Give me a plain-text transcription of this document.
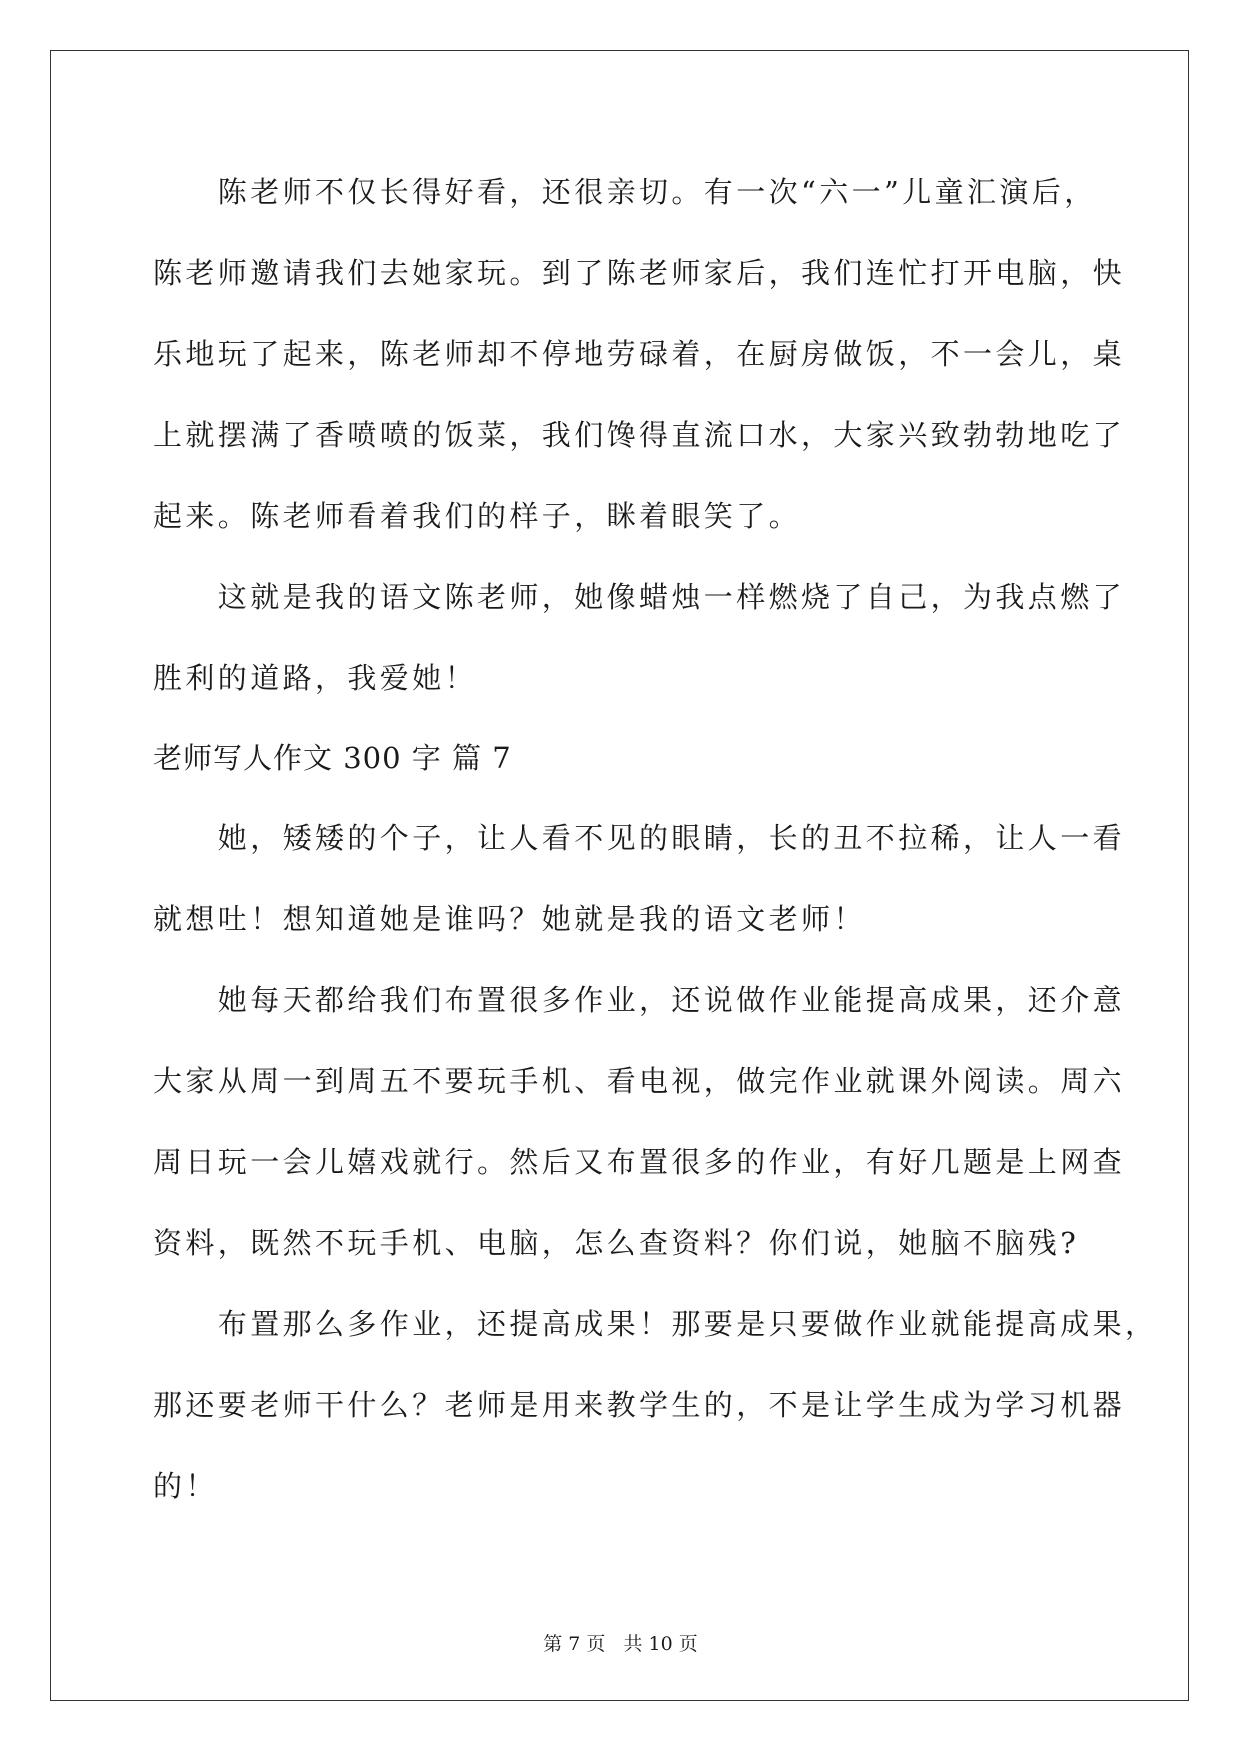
　　陈老师不仅长得好看，还很亲切。有一次“六一”儿童汇演后，
陈老师邀请我们去她家玩。到了陈老师家后，我们连忙打开电脑，快
乐地玩了起来，陈老师却不停地劳碌着，在厨房做饭，不一会儿，桌
上就摆满了香喷喷的饭菜，我们馋得直流口水，大家兴致勃勃地吃了
起来。陈老师看着我们的样子，眯着眼笑了。
　　这就是我的语文陈老师，她像蜡烛一样燃烧了自己，为我点燃了
胜利的道路，我爱她！
老师写人作文 300 字 篇 7
　　她，矮矮的个子，让人看不见的眼睛，长的丑不拉稀，让人一看
就想吐！想知道她是谁吗？她就是我的语文老师！
　　她每天都给我们布置很多作业，还说做作业能提高成果，还介意
大家从周一到周五不要玩手机、看电视，做完作业就课外阅读。周六
周日玩一会儿嬉戏就行。然后又布置很多的作业，有好几题是上网查
资料，既然不玩手机、电脑，怎么查资料？你们说，她脑不脑残?
　　布置那么多作业，还提高成果！那要是只要做作业就能提高成果，
那还要老师干什么？老师是用来教学生的，不是让学生成为学习机器
的！
第 7 页   共 10 页
